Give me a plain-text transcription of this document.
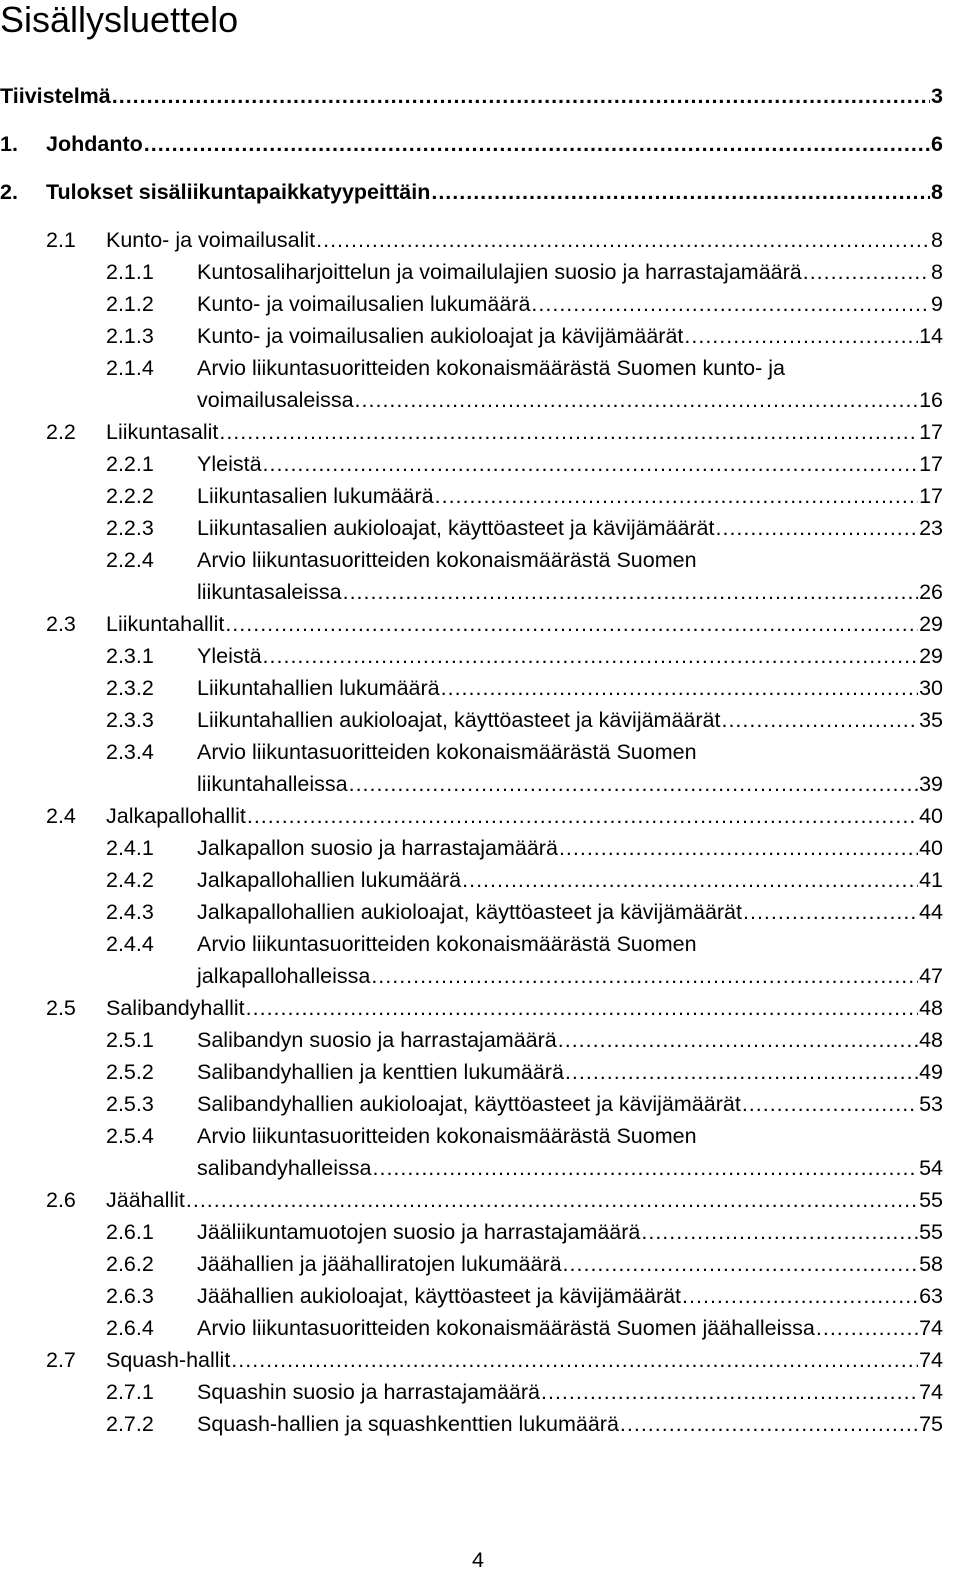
Sisällysluettelo
Tiivistelmä .....	3
1.	Johdanto .....	6
2.	Tulokset sisäliikuntapaikkatyypeittäin .....	8
2.1	Kunto- ja voimailusalit .....	8
2.1.1	Kuntosaliharjoittelun ja voimailulajien suosio ja harrastajamäärä .....	8
2.1.2	Kunto- ja voimailusalien lukumäärä .....	9
2.1.3	Kunto- ja voimailusalien aukioloajat ja kävijämäärät .....	14
2.1.4	Arvio liikuntasuoritteiden kokonaismäärästä Suomen kunto- ja
voimailusaleissa .....	16
2.2	Liikuntasalit .....	17
2.2.1	Yleistä .....	17
2.2.2	Liikuntasalien lukumäärä .....	17
2.2.3	Liikuntasalien aukioloajat, käyttöasteet ja kävijämäärät .....	23
2.2.4	Arvio liikuntasuoritteiden kokonaismäärästä Suomen
liikuntasaleissa .....	26
2.3	Liikuntahallit .....	29
2.3.1	Yleistä .....	29
2.3.2	Liikuntahallien lukumäärä .....	30
2.3.3	Liikuntahallien aukioloajat, käyttöasteet ja kävijämäärät .....	35
2.3.4	Arvio liikuntasuoritteiden kokonaismäärästä Suomen
liikuntahalleissa .....	39
2.4	Jalkapallohallit .....	40
2.4.1	Jalkapallon suosio ja harrastajamäärä .....	40
2.4.2	Jalkapallohallien lukumäärä .....	41
2.4.3	Jalkapallohallien aukioloajat, käyttöasteet ja kävijämäärät .....	44
2.4.4	Arvio liikuntasuoritteiden kokonaismäärästä Suomen
jalkapallohalleissa .....	47
2.5	Salibandyhallit .....	48
2.5.1	Salibandyn suosio ja harrastajamäärä .....	48
2.5.2	Salibandyhallien ja kenttien lukumäärä .....	49
2.5.3	Salibandyhallien aukioloajat, käyttöasteet ja kävijämäärät .....	53
2.5.4	Arvio liikuntasuoritteiden kokonaismäärästä Suomen
salibandyhalleissa .....	54
2.6	Jäähallit .....	55
2.6.1	Jääliikuntamuotojen suosio ja harrastajamäärä .....	55
2.6.2	Jäähallien ja jäähalliratojen lukumäärä .....	58
2.6.3	Jäähallien aukioloajat, käyttöasteet ja kävijämäärät .....	63
2.6.4	Arvio liikuntasuoritteiden kokonaismäärästä Suomen jäähalleissa .....	74
2.7	Squash-hallit .....	74
2.7.1	Squashin suosio ja harrastajamäärä .....	74
2.7.2	Squash-hallien ja squashkenttien lukumäärä .....	75
4
